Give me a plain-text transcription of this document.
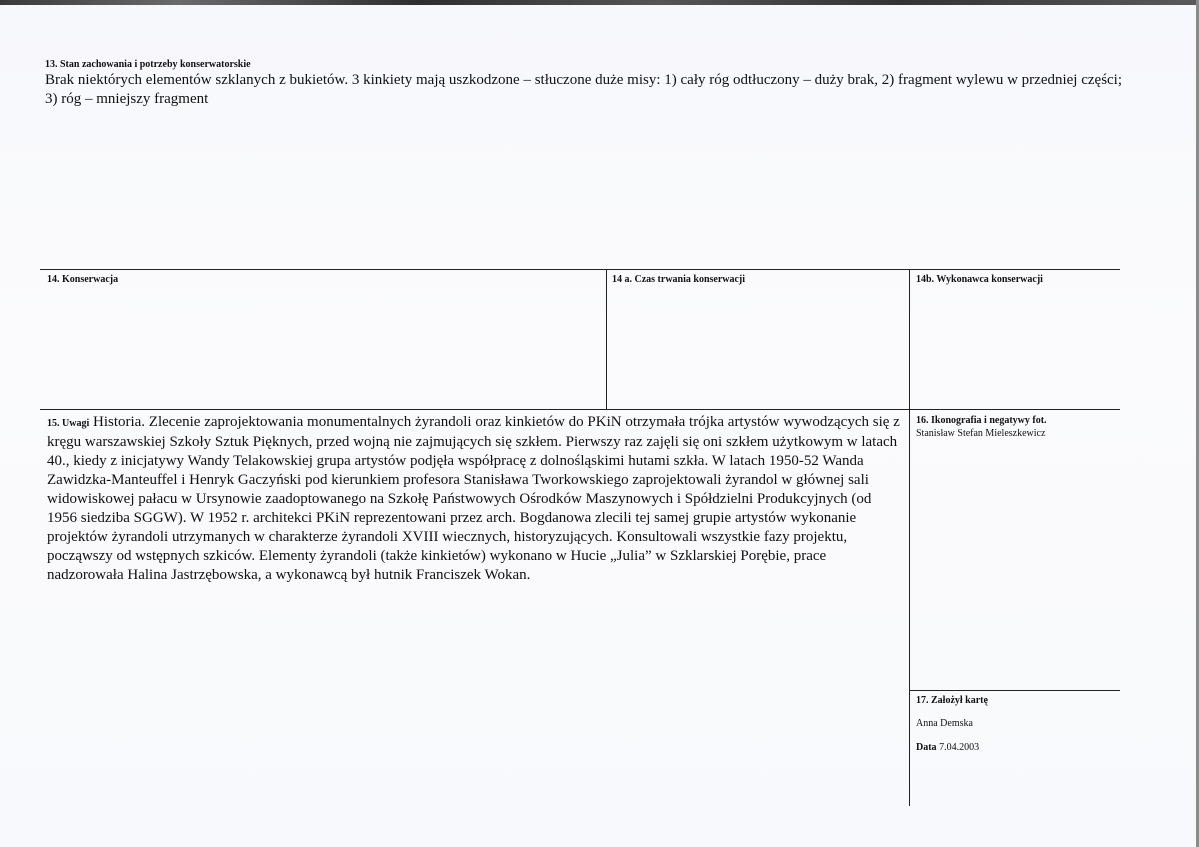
13. Stan zachowania i potrzeby konserwatorskie
Brak niektórych elementów szklanych z bukietów. 3 kinkiety mają uszkodzone – stłuczone duże misy: 1) cały róg odtłuczony – duży brak, 2) fragment wylewu w przedniej części; 3) róg – mniejszy fragment
14. Konserwacja	14 a. Czas trwania konserwacji	14b. Wykonawca konserwacji
15. Uwagi Historia. Zlecenie zaprojektowania monumentalnych żyrandoli oraz kinkietów do PKiN otrzymała trójka artystów wywodzących się z kręgu warszawskiej Szkoły Sztuk Pięknych, przed wojną nie zajmujących się szkłem. Pierwszy raz zajęli się oni szkłem użytkowym w latach 40., kiedy z inicjatywy Wandy Telakowskiej grupa artystów podjęła współpracę z dolnośląskimi hutami szkła. W latach 1950-52 Wanda Zawidzka-Manteuffel i Henryk Gaczyński pod kierunkiem profesora Stanisława Tworkowskiego zaprojektowali żyrandol w głównej sali widowiskowej pałacu w Ursynowie zaadoptowanego na Szkołę Państwowych Ośrodków Maszynowych i Spółdzielni Produkcyjnych (od 1956 siedziba SGGW). W 1952 r. architekci PKiN reprezentowani przez arch. Bogdanowa zlecili tej samej grupie artystów wykonanie projektów żyrandoli utrzymanych w charakterze żyrandoli XVIII wiecznych, historyzujących. Konsultowali wszystkie fazy projektu, począwszy od wstępnych szkiców. Elementy żyrandoli (także kinkietów) wykonano w Hucie „Julia” w Szklarskiej Porębie, prace nadzorowała Halina Jastrzębowska, a wykonawcą był hutnik Franciszek Wokan.
16. Ikonografia i negatywy fot.
Stanisław Stefan Mieleszkewicz
17. Założył kartę
Anna Demska
Data 7.04.2003
